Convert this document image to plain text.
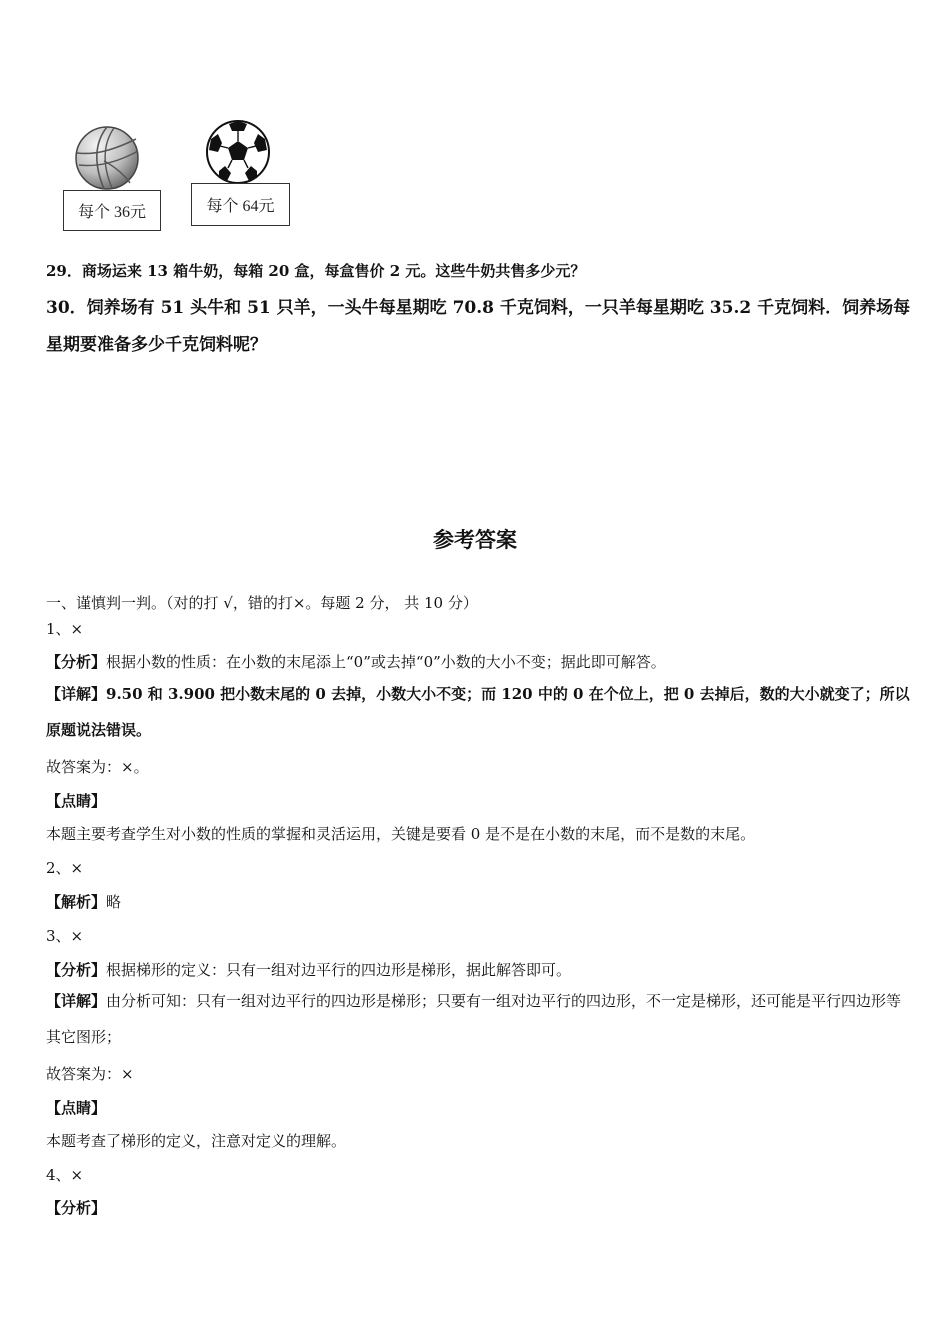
每个 36元	每个 64元
29．商场运来 13 箱牛奶，每箱 20 盒，每盒售价 2 元。这些牛奶共售多少元？
30．饲养场有 51 头牛和 51 只羊，一头牛每星期吃 70.8 千克饲料，一只羊每星期吃 35.2 千克饲料．饲养场每星期要准备多少千克饲料呢？
参考答案
一、谨慎判一判。（对的打 √，错的打×。每题 2 分， 共 10 分）
1、×
【分析】根据小数的性质：在小数的末尾添上“0”或去掉“0”小数的大小不变；据此即可解答。
【详解】9.50 和 3.900 把小数末尾的 0 去掉，小数大小不变；而 120 中的 0 在个位上，把 0 去掉后，数的大小就变了；所以原题说法错误。
故答案为：×。
【点睛】
本题主要考查学生对小数的性质的掌握和灵活运用，关键是要看 0 是不是在小数的末尾，而不是数的末尾。
2、×
【解析】略
3、×
【分析】根据梯形的定义：只有一组对边平行的四边形是梯形，据此解答即可。
【详解】由分析可知：只有一组对边平行的四边形是梯形；只要有一组对边平行的四边形，不一定是梯形，还可能是平行四边形等其它图形；
故答案为：×
【点睛】
本题考查了梯形的定义，注意对定义的理解。
4、×
【分析】
